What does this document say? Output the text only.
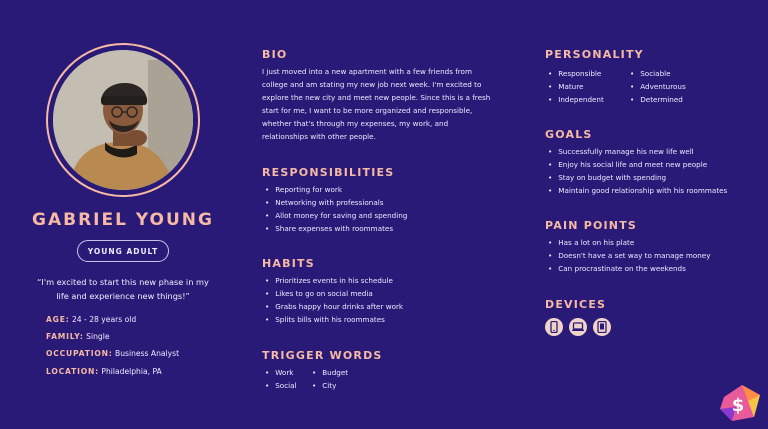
GABRIEL YOUNG
YOUNG ADULT
“I'm excited to start this new phase in my life and experience new things!”
AGE: 24 - 28 years old
FAMILY: Single
OCCUPATION: Business Analyst
LOCATION: Philadelphia, PA
BIO
I just moved into a new apartment with a few friends from college and am stating my new job next week. I'm excited to explore the new city and meet new people. Since this is a fresh start for me, I want to be more organized and responsible, whether that's through my expenses, my work, and relationships with other people.
RESPONSIBILITIES
• Reporting for work
• Networking with professionals
• Allot money for saving and spending
• Share expenses with roommates
HABITS
• Prioritizes events in his schedule
• Likes to go on social media
• Grabs happy hour drinks after work
• Splits bills with his roommates
TRIGGER WORDS
• Work
• Social
• Budget
• City
PERSONALITY
• Responsible
• Mature
• Independent
• Sociable
• Adventurous
• Determined
GOALS
• Successfully manage his new life well
• Enjoy his social life and meet new people
• Stay on budget with spending
• Maintain good relationship with his roommates
PAIN POINTS
• Has a lot on his plate
• Doesn't have a set way to manage money
• Can procrastinate on the weekends
DEVICES
$
